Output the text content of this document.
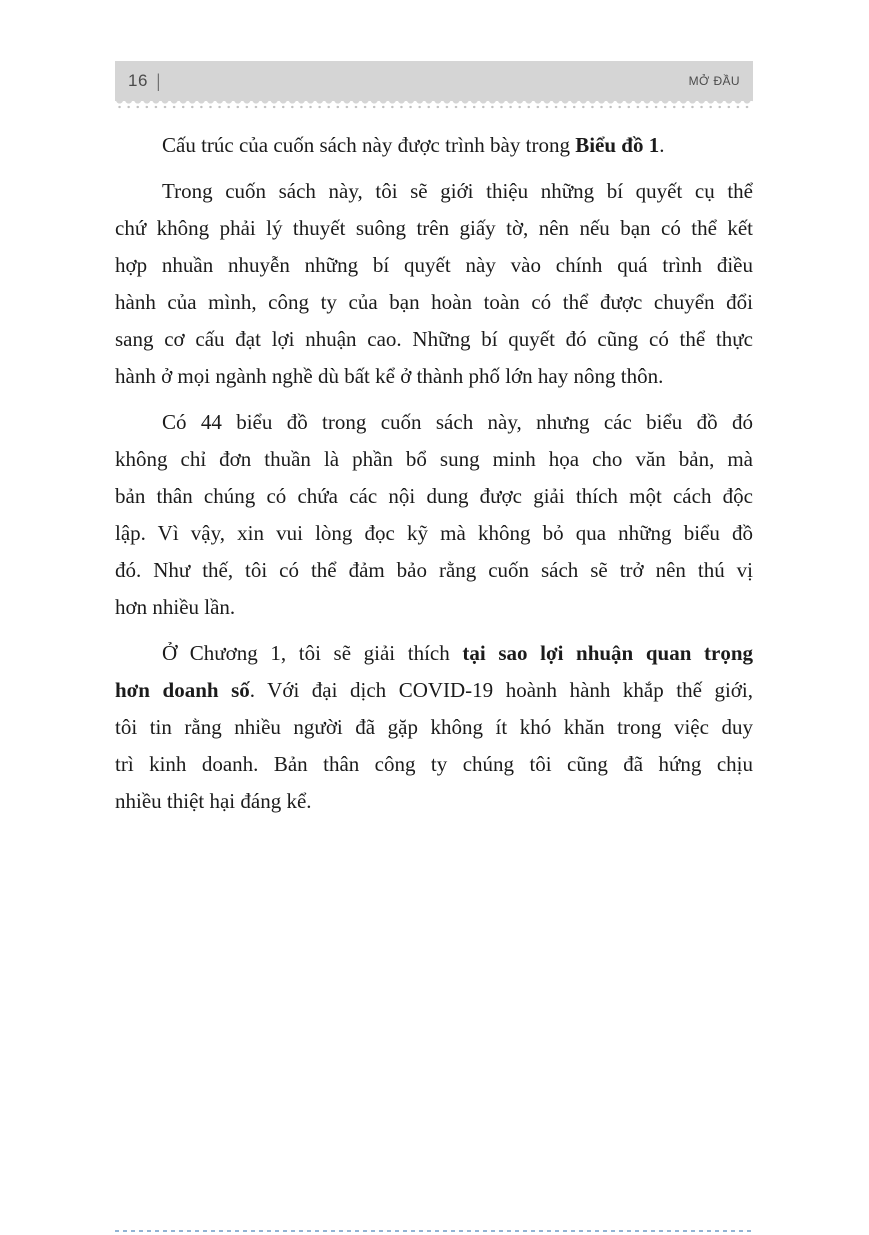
16 |	MỞ ĐẦU
Cấu trúc của cuốn sách này được trình bày trong Biểu đồ 1.
Trong cuốn sách này, tôi sẽ giới thiệu những bí quyết cụ thể
chứ không phải lý thuyết suông trên giấy tờ, nên nếu bạn có thể kết
hợp nhuần nhuyễn những bí quyết này vào chính quá trình điều
hành của mình, công ty của bạn hoàn toàn có thể được chuyển đổi
sang cơ cấu đạt lợi nhuận cao. Những bí quyết đó cũng có thể thực
hành ở mọi ngành nghề dù bất kể ở thành phố lớn hay nông thôn.
Có 44 biểu đồ trong cuốn sách này, nhưng các biểu đồ đó
không chỉ đơn thuần là phần bổ sung minh họa cho văn bản, mà
bản thân chúng có chứa các nội dung được giải thích một cách độc
lập. Vì vậy, xin vui lòng đọc kỹ mà không bỏ qua những biểu đồ
đó. Như thế, tôi có thể đảm bảo rằng cuốn sách sẽ trở nên thú vị
hơn nhiều lần.
Ở Chương 1, tôi sẽ giải thích tại sao lợi nhuận quan trọng
hơn doanh số. Với đại dịch COVID-19 hoành hành khắp thế giới,
tôi tin rằng nhiều người đã gặp không ít khó khăn trong việc duy
trì kinh doanh. Bản thân công ty chúng tôi cũng đã hứng chịu
nhiều thiệt hại đáng kể.
